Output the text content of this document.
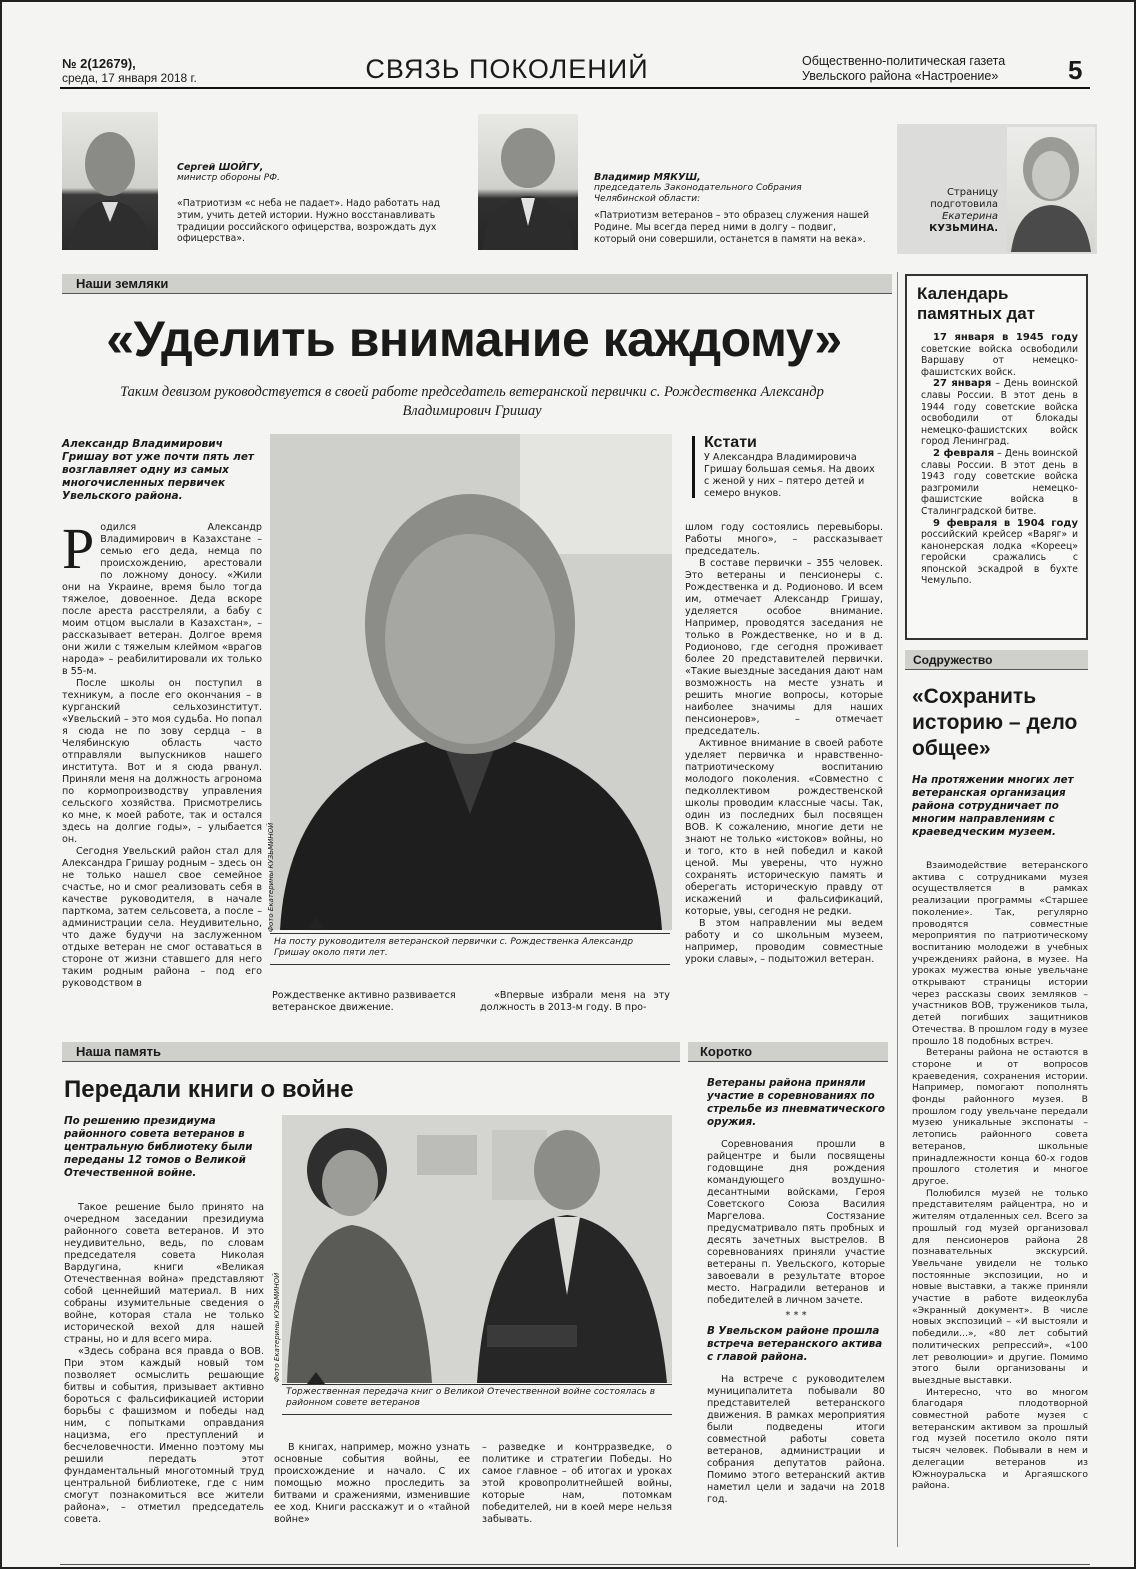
№ 2(12679),
среда, 17 января 2018 г.	СВЯЗЬ ПОКОЛЕНИЙ	Общественно-политическая газета
Увельского района «Настроение»	5
Сергей ШОЙГУ,
министр обороны РФ.

«Патриотизм «с неба не падает». Надо работать над этим, учить детей истории. Нужно восстанавливать традиции российского офицерства, возрождать дух офицерства».

Владимир МЯКУШ,
председатель Законодательного Собрания Челябинской области:

«Патриотизм ветеранов – это образец служения нашей Родине. Мы всегда перед ними в долгу – подвиг, который они совершили, останется в памяти на века».

Страницу
подготовила
Екатерина
КУЗЬМИНА.
Наши земляки
«Уделить внимание каждому»
Таким девизом руководствуется в своей работе председатель ветеранской первички с. Рождественка Александр Владимирович Гришау

Александр Владимирович Гришау вот уже почти пять лет возглавляет одну из самых многочисленных первичек Увельского района.

Р одился Александр Владимирович в Казахстане – семью его деда, немца по происхождению, арестовали по ложному доносу. «Жили они на Украине, время было тогда тяжелое, довоенное. Деда вскоре после ареста расстреляли, а бабу с моим отцом выслали в Казахстан», – рассказывает ветеран. Долгое время они жили с тяжелым клеймом «врагов народа» – реабилитировали их только в 55-м.

После школы он поступил в техникум, а после его окончания – в курганский сельхозинститут. «Увельский – это моя судьба. Но попал я сюда не по зову сердца – в Челябинскую область часто отправляли выпускников нашего института. Вот и я сюда рванул. Приняли меня на должность агронома по кормопроизводству управления сельского хозяйства. Присмотрелись ко мне, к моей работе, так и остался здесь на долгие годы», – улыбается он.

Сегодня Увельский район стал для Александра Гришау родным – здесь он не только нашел свое семейное счастье, но и смог реализовать себя в качестве руководителя, в начале парткома, затем сельсовета, а после – администрации села. Неудивительно, что даже будучи на заслуженном отдыхе ветеран не смог оставаться в стороне от жизни ставшего для него таким родным района – под его руководством в

Фото Екатерины КУЗЬМИНОЙ

На посту руководителя ветеранской первички с. Рождественка Александр Гришау около пяти лет.

Рождественке активно развивается ветеранское движение.

«Впервые избрали меня на эту должность в 2013-м году. В про-

Кстати

У Александра Владимировича Гришау большая семья. На двоих с женой у них – пятеро детей и семеро внуков.

шлом году состоялись перевыборы. Работы много», – рассказывает председатель.

В составе первички – 355 человек. Это ветераны и пенсионеры с. Рождественка и д. Родионово. И всем им, отмечает Александр Гришау, уделяется особое внимание. Например, проводятся заседания не только в Рождественке, но и в д. Родионово, где сегодня проживает более 20 представителей первички. «Такие выездные заседания дают нам возможность на месте узнать и решить многие вопросы, которые наиболее значимы для наших пенсионеров», – отмечает председатель.

Активное внимание в своей работе уделяет первичка и нравственно-патриотическому воспитанию молодого поколения. «Совместно с педколлективом рождественской школы проводим классные часы. Так, один из последних был посвящен ВОВ. К сожалению, многие дети не знают не только «истоков» войны, но и того, кто в ней победил и какой ценой. Мы уверены, что нужно сохранять историческую память и оберегать историческую правду от искажений и фальсификаций, которые, увы, сегодня не редки.

В этом направлении мы ведем работу и со школьным музеем, например, проводим совместные уроки славы», – подытожил ветеран.

Календарь памятных дат

17 января в 1945 году советские войска освободили Варшаву от немецко-фашистских войск.

27 января – День воинской славы России. В этот день в 1944 году советские войска освободили от блокады немецко-фашистских войск город Ленинград.

2 февраля – День воинской славы России. В этот день в 1943 году советские войска разгромили немецко-фашистские войска в Сталинградской битве.

9 февраля в 1904 году российский крейсер «Варяг» и канонерская лодка «Кореец» геройски сражались с японской эскадрой в бухте Чемульпо.

Содружество
«Сохранить историю – дело общее»

На протяжении многих лет ветеранская организация района сотрудничает по многим направлениям с краеведческим музеем.

Взаимодействие ветеранского актива с сотрудниками музея осуществляется в рамках реализации программы «Старшее поколение». Так, регулярно проводятся совместные мероприятия по патриотическому воспитанию молодежи в учебных учреждениях района, в музее. На уроках мужества юные увельчане открывают страницы истории через рассказы своих земляков – участников ВОВ, тружеников тыла, детей погибших защитников Отечества. В прошлом году в музее прошло 18 подобных встреч.

Ветераны района не остаются в стороне и от вопросов краеведения, сохранения истории. Например, помогают пополнять фонды районного музея. В прошлом году увельчане передали музею уникальные экспонаты – летопись районного совета ветеранов, школьные принадлежности конца 60-х годов прошлого столетия и многое другое.

Полюбился музей не только представителям райцентра, но и жителям отдаленных сел. Всего за прошлый год музей организовал для пенсионеров района 28 познавательных экскурсий. Увельчане увидели не только постоянные экспозиции, но и новые выставки, а также приняли участие в работе видеоклуба «Экранный документ». В числе новых экспозиций – «И выстояли и победили...», «80 лет событий политических репрессий», «100 лет революции» и другие. Помимо этого были организованы и выездные выставки.

Интересно, что во многом благодаря плодотворной совместной работе музея с ветеранским активом за прошлый год музей посетило около пяти тысяч человек. Побывали в нем и делегации ветеранов из Южноуральска и Аргаяшского района.

Наша память
Передали книги о войне

По решению президиума районного совета ветеранов в центральную библиотеку были переданы 12 томов о Великой Отечественной войне.

Такое решение было принято на очередном заседании президиума районного совета ветеранов. И это неудивительно, ведь, по словам председателя совета Николая Вардугина, книги «Великая Отечественная война» представляют собой ценнейший материал. В них собраны изумительные сведения о войне, которая стала не только исторической вехой для нашей страны, но и для всего мира.

«Здесь собрана вся правда о ВОВ. При этом каждый новый том позволяет осмыслить решающие битвы и события, призывает активно бороться с фальсификацией истории борьбы с фашизмом и победы над ним, с попытками оправдания нацизма, его преступлений и бесчеловечности. Именно поэтому мы решили передать этот фундаментальный многотомный труд центральной библиотеке, где с ним смогут познакомиться все жители района», – отметил председатель совета.

Фото Екатерины КУЗЬМИНОЙ

Торжественная передача книг о Великой Отечественной войне состоялась в районном совете ветеранов

В книгах, например, можно узнать основные события войны, ее происхождение и начало. С их помощью можно проследить за битвами и сражениями, изменившие ее ход. Книги расскажут и о «тайной войне»

– разведке и контрразведке, о политике и стратегии Победы. Но самое главное – об итогах и уроках этой кровопролитнейшей войны, которые нам, потомкам победителей, ни в коей мере нельзя забывать.

Коротко

Ветераны района приняли участие в соревнованиях по стрельбе из пневматического оружия.

Соревнования прошли в райцентре и были посвящены годовщине дня рождения командующего воздушно-десантными войсками, Героя Советского Союза Василия Маргелова. Состязание предусматривало пять пробных и десять зачетных выстрелов. В соревнованиях приняли участие ветераны п. Увельского, которые завоевали в результате второе место. Наградили ветеранов и победителей в личном зачете.

* * *

В Увельском районе прошла встреча ветеранского актива с главой района.

На встрече с руководителем муниципалитета побывали 80 представителей ветеранского движения. В рамках мероприятия были подведены итоги совместной работы совета ветеранов, администрации и собрания депутатов района. Помимо этого ветеранский актив наметил цели и задачи на 2018 год.
